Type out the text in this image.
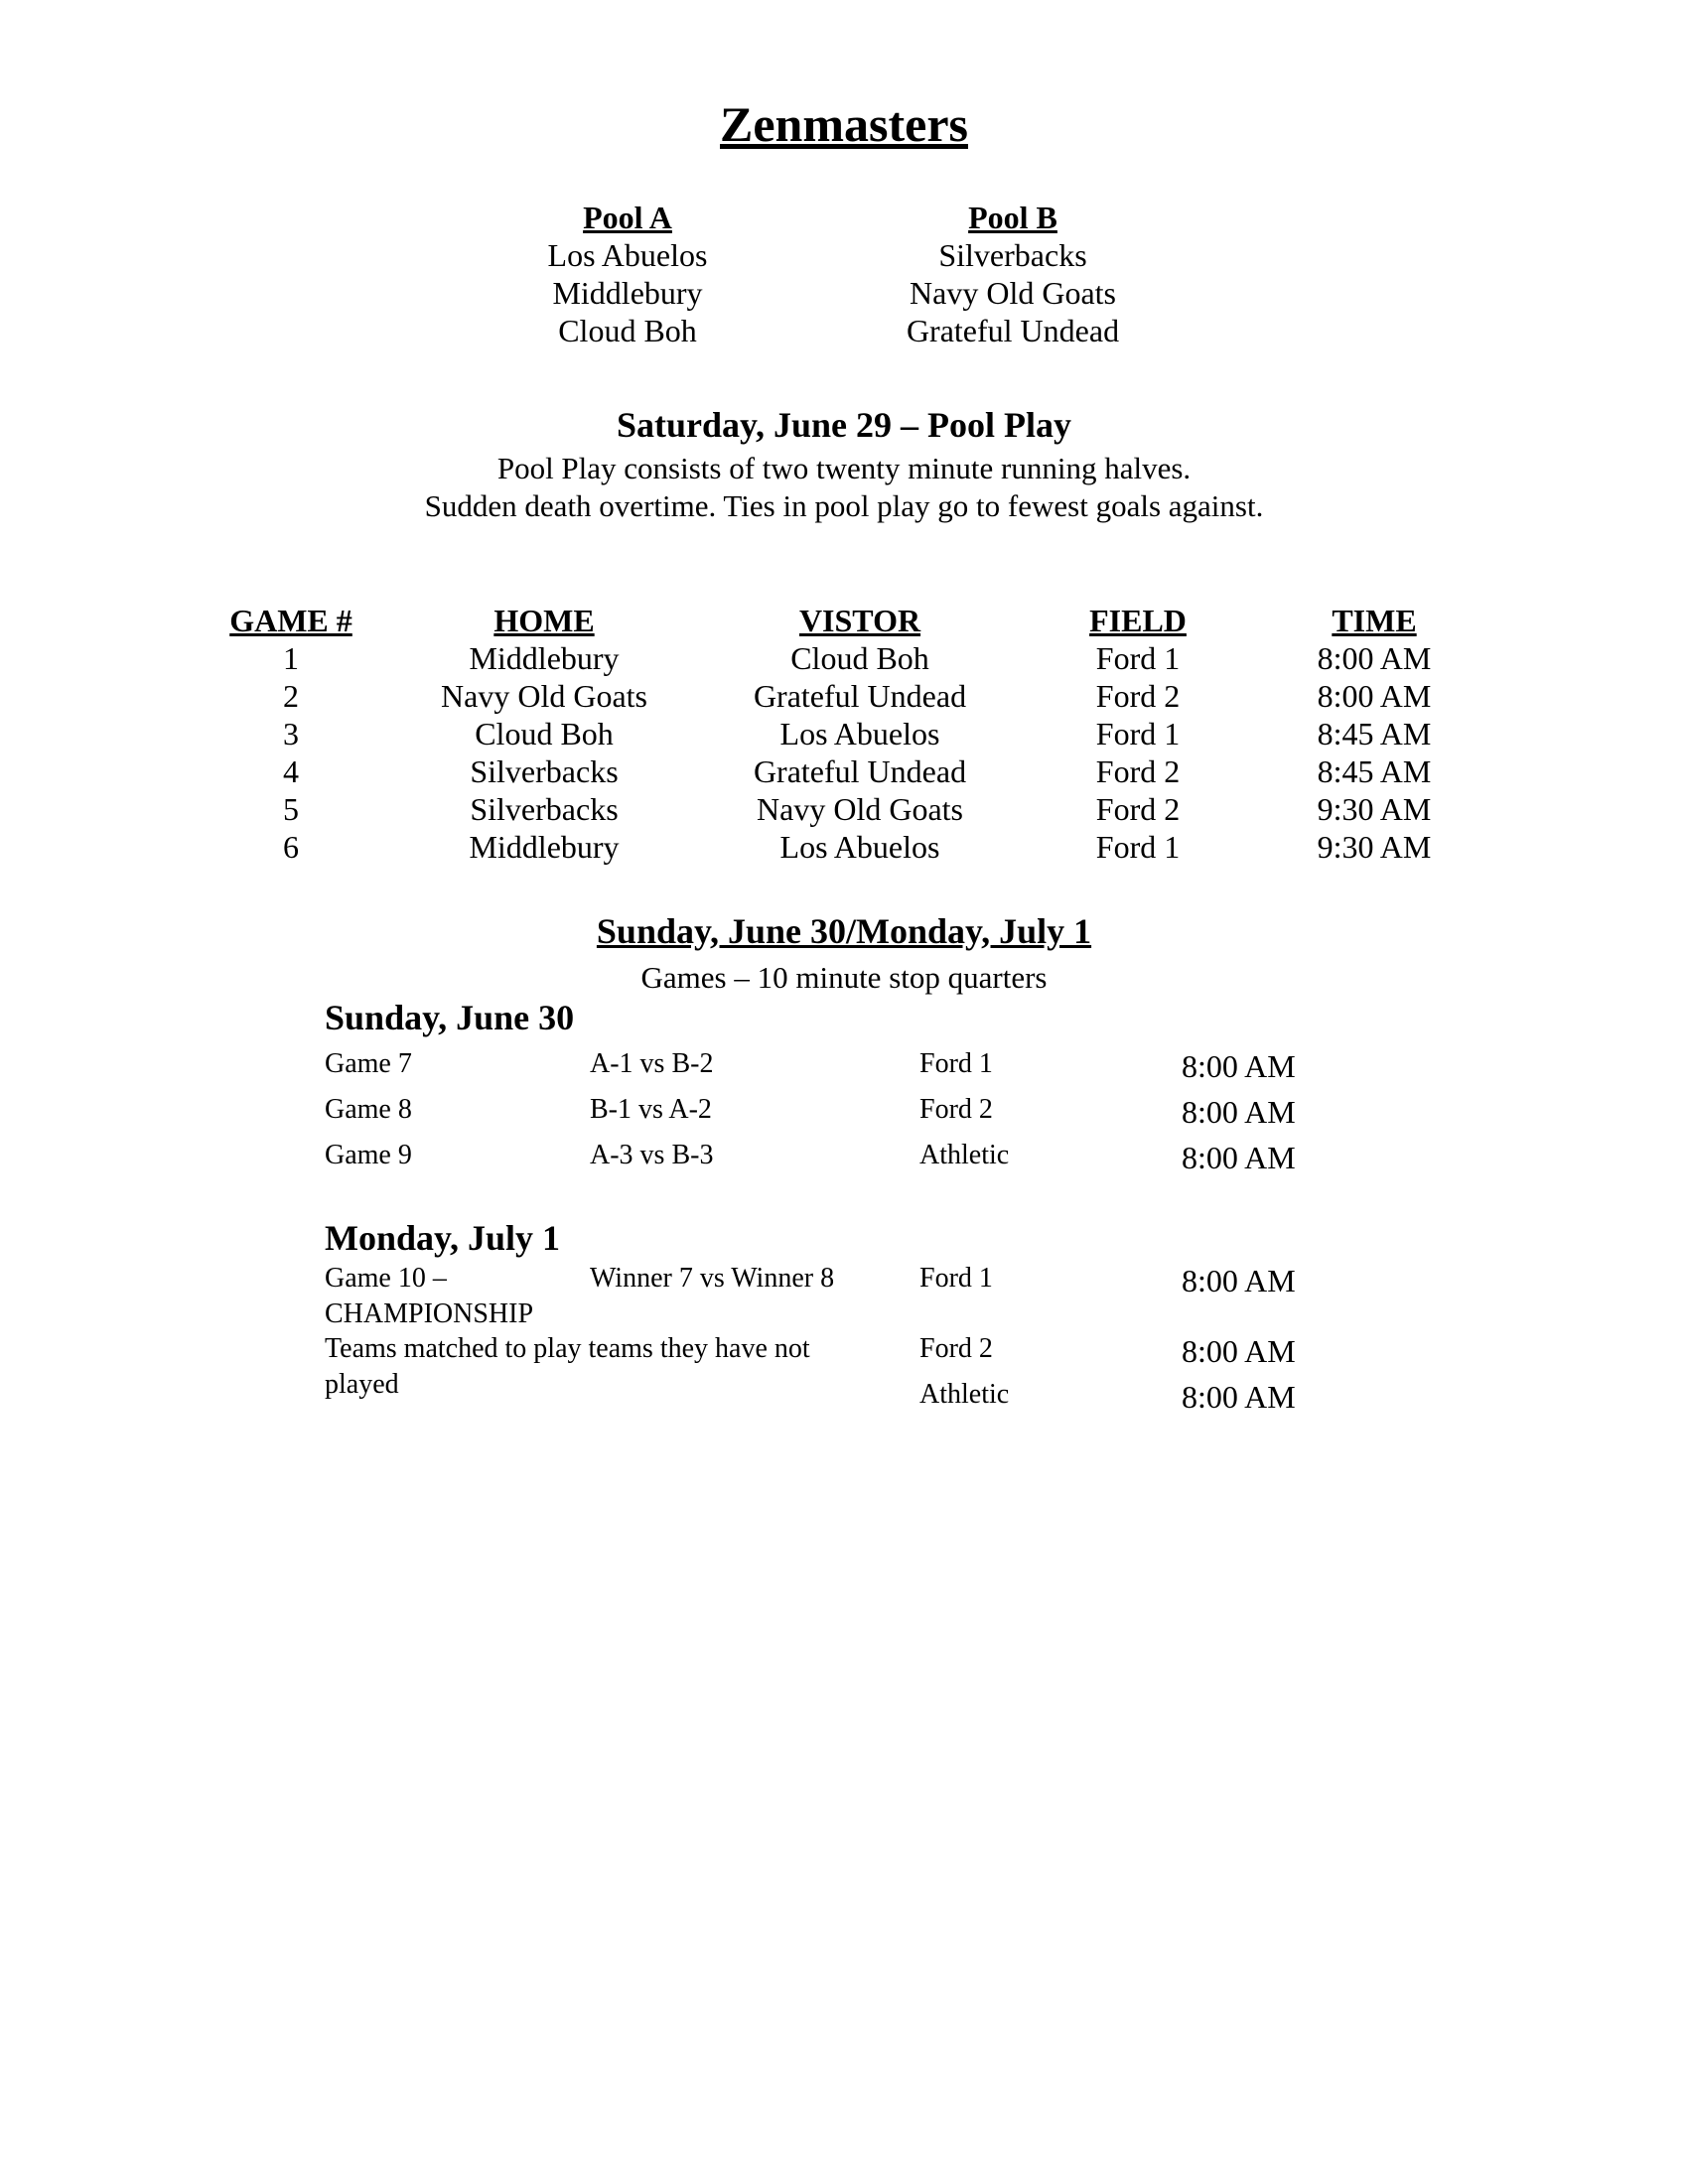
Zenmasters
Pool A
Los Abuelos
Middlebury
Cloud Boh
Pool B
Silverbacks
Navy Old Goats
Grateful Undead
Saturday, June 29 – Pool Play
Pool Play consists of two twenty minute running halves.
Sudden death overtime. Ties in pool play go to fewest goals against.
GAME #	HOME	VISTOR	FIELD	TIME
1	Middlebury	Cloud Boh	Ford 1	8:00 AM
2	Navy Old Goats	Grateful Undead	Ford 2	8:00 AM
3	Cloud Boh	Los Abuelos	Ford 1	8:45 AM
4	Silverbacks	Grateful Undead	Ford 2	8:45 AM
5	Silverbacks	Navy Old Goats	Ford 2	9:30 AM
6	Middlebury	Los Abuelos	Ford 1	9:30 AM
Sunday, June 30/Monday, July 1
Games – 10 minute stop quarters
Sunday, June 30
Game 7	A-1 vs B-2	Ford 1	8:00 AM
Game 8	B-1 vs A-2	Ford 2	8:00 AM
Game 9	A-3 vs B-3	Athletic	8:00 AM
Monday, July 1
Game 10 –
CHAMPIONSHIP
Winner 7 vs Winner 8	Ford 1	8:00 AM
Teams matched to play teams they have not
played
Ford 2	8:00 AM
Athletic	8:00 AM
